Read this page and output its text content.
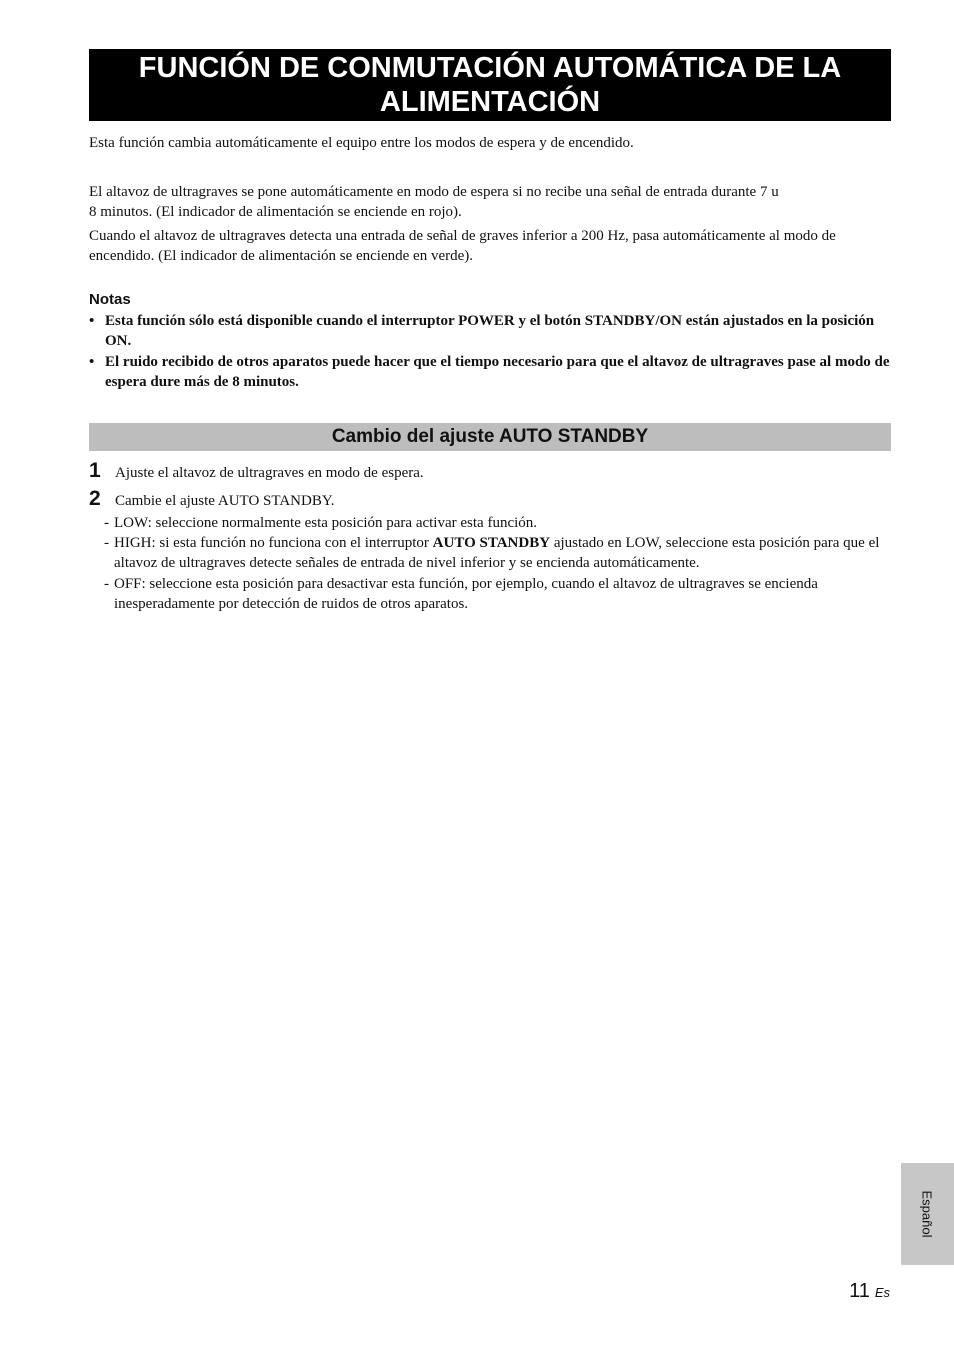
FUNCIÓN DE CONMUTACIÓN AUTOMÁTICA DE LA
ALIMENTACIÓN

Esta función cambia automáticamente el equipo entre los modos de espera y de encendido.

El altavoz de ultragraves se pone automáticamente en modo de espera si no recibe una señal de entrada durante 7 u
8 minutos. (El indicador de alimentación se enciende en rojo).

Cuando el altavoz de ultragraves detecta una entrada de señal de graves inferior a 200 Hz, pasa automáticamente al modo de encendido. (El indicador de alimentación se enciende en verde).

Notas
• Esta función sólo está disponible cuando el interruptor POWER y el botón STANDBY/ON están ajustados en la posición ON.
• El ruido recibido de otros aparatos puede hacer que el tiempo necesario para que el altavoz de ultragraves pase al modo de espera dure más de 8 minutos.
Cambio del ajuste AUTO STANDBY
1 Ajuste el altavoz de ultragraves en modo de espera.
2 Cambie el ajuste AUTO STANDBY.
- LOW: seleccione normalmente esta posición para activar esta función.
- HIGH: si esta función no funciona con el interruptor AUTO STANDBY ajustado en LOW, seleccione esta posición para que el altavoz de ultragraves detecte señales de entrada de nivel inferior y se encienda automáticamente.
- OFF: seleccione esta posición para desactivar esta función, por ejemplo, cuando el altavoz de ultragraves se encienda inesperadamente por detección de ruidos de otros aparatos.
Español
11 Es
